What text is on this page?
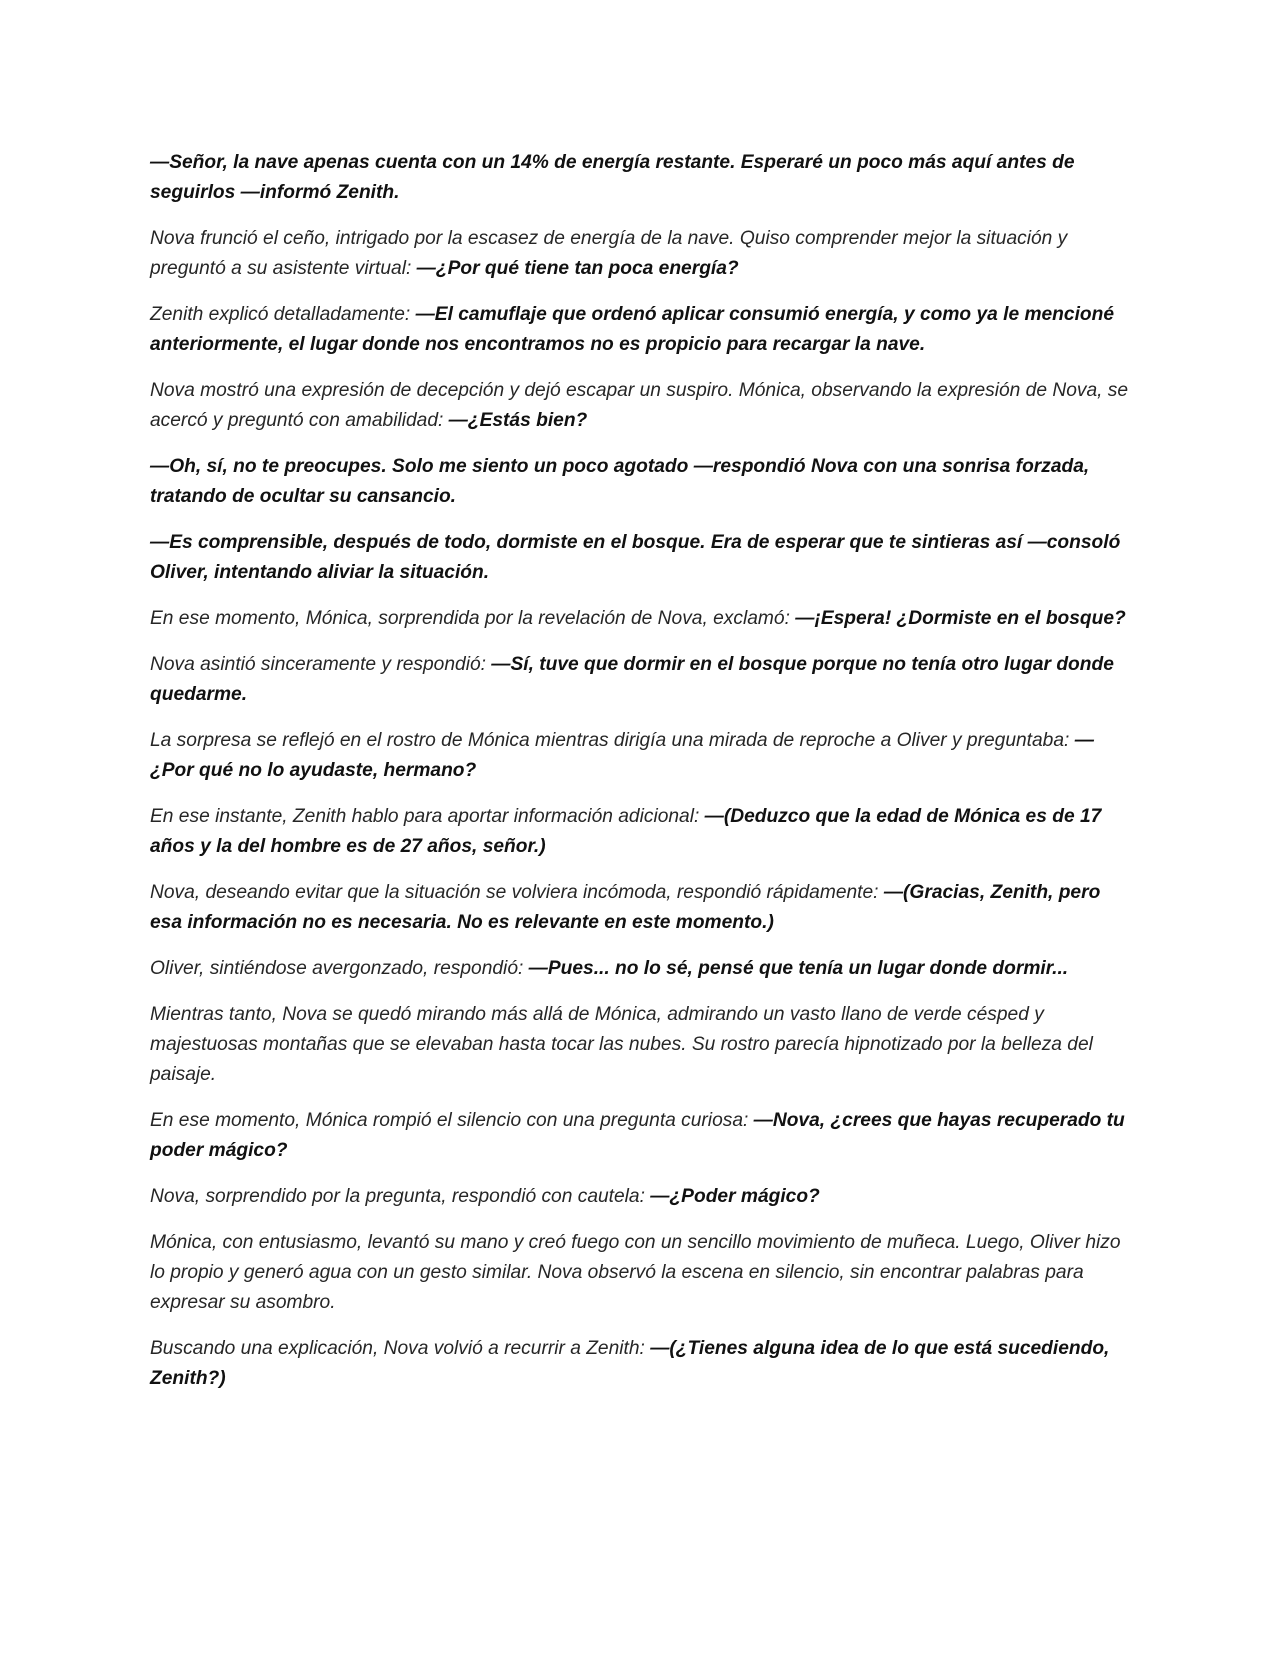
—Señor, la nave apenas cuenta con un 14% de energía restante. Esperaré un poco más aquí antes de seguirlos —informó Zenith.

Nova frunció el ceño, intrigado por la escasez de energía de la nave. Quiso comprender mejor la situación y preguntó a su asistente virtual: —¿Por qué tiene tan poca energía?

Zenith explicó detalladamente: —El camuflaje que ordenó aplicar consumió energía, y como ya le mencioné anteriormente, el lugar donde nos encontramos no es propicio para recargar la nave.

Nova mostró una expresión de decepción y dejó escapar un suspiro. Mónica, observando la expresión de Nova, se acercó y preguntó con amabilidad: —¿Estás bien?

—Oh, sí, no te preocupes. Solo me siento un poco agotado —respondió Nova con una sonrisa forzada, tratando de ocultar su cansancio.

—Es comprensible, después de todo, dormiste en el bosque. Era de esperar que te sintieras así —consoló Oliver, intentando aliviar la situación.

En ese momento, Mónica, sorprendida por la revelación de Nova, exclamó: —¡Espera! ¿Dormiste en el bosque?

Nova asintió sinceramente y respondió: —Sí, tuve que dormir en el bosque porque no tenía otro lugar donde quedarme.

La sorpresa se reflejó en el rostro de Mónica mientras dirigía una mirada de reproche a Oliver y preguntaba: —¿Por qué no lo ayudaste, hermano?

En ese instante, Zenith hablo para aportar información adicional: —(Deduzco que la edad de Mónica es de 17 años y la del hombre es de 27 años, señor.)

Nova, deseando evitar que la situación se volviera incómoda, respondió rápidamente: —(Gracias, Zenith, pero esa información no es necesaria. No es relevante en este momento.)

Oliver, sintiéndose avergonzado, respondió: —Pues... no lo sé, pensé que tenía un lugar donde dormir...

Mientras tanto, Nova se quedó mirando más allá de Mónica, admirando un vasto llano de verde césped y majestuosas montañas que se elevaban hasta tocar las nubes. Su rostro parecía hipnotizado por la belleza del paisaje.

En ese momento, Mónica rompió el silencio con una pregunta curiosa: —Nova, ¿crees que hayas recuperado tu poder mágico?

Nova, sorprendido por la pregunta, respondió con cautela: —¿Poder mágico?

Mónica, con entusiasmo, levantó su mano y creó fuego con un sencillo movimiento de muñeca. Luego, Oliver hizo lo propio y generó agua con un gesto similar. Nova observó la escena en silencio, sin encontrar palabras para expresar su asombro.

Buscando una explicación, Nova volvió a recurrir a Zenith: —(¿Tienes alguna idea de lo que está sucediendo, Zenith?)
